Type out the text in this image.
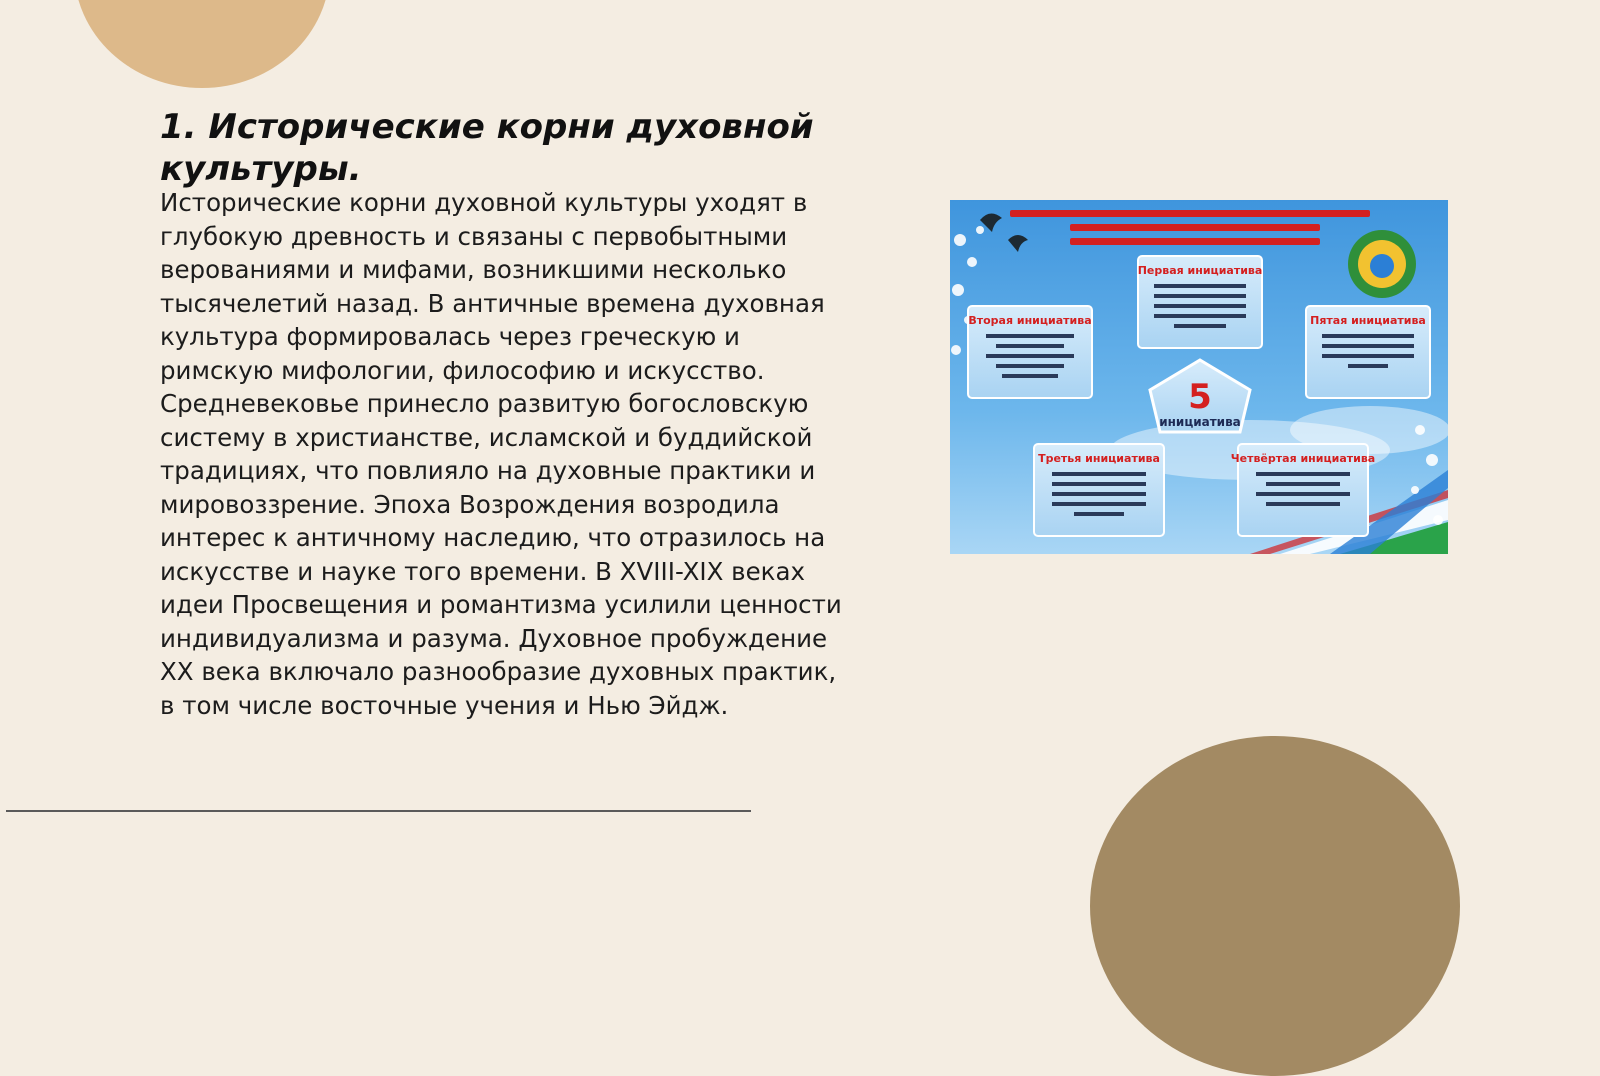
1. Исторические корни духовной культуры.

Исторические корни духовной культуры уходят в глубокую древность и связаны с первобытными верованиями и мифами, возникшими несколько тысячелетий назад. В античные времена духовная культура формировалась через греческую и римскую мифологии, философию и искусство. Средневековье принесло развитую богословскую систему в христианстве, исламской и буддийской традициях, что повлияло на духовные практики и мировоззрение. Эпоха Возрождения возродила интерес к античному наследию, что отразилось на искусстве и науке того времени. В XVIII-XIX веках идеи Просвещения и романтизма усилили ценности индивидуализма и разума. Духовное пробуждение XX века включало разнообразие духовных практик, в том числе восточные учения и Нью Эйдж.

5
инициатива
Первая инициатива
Вторая инициатива	Пятая инициатива
Третья инициатива	Четвёртая инициатива
